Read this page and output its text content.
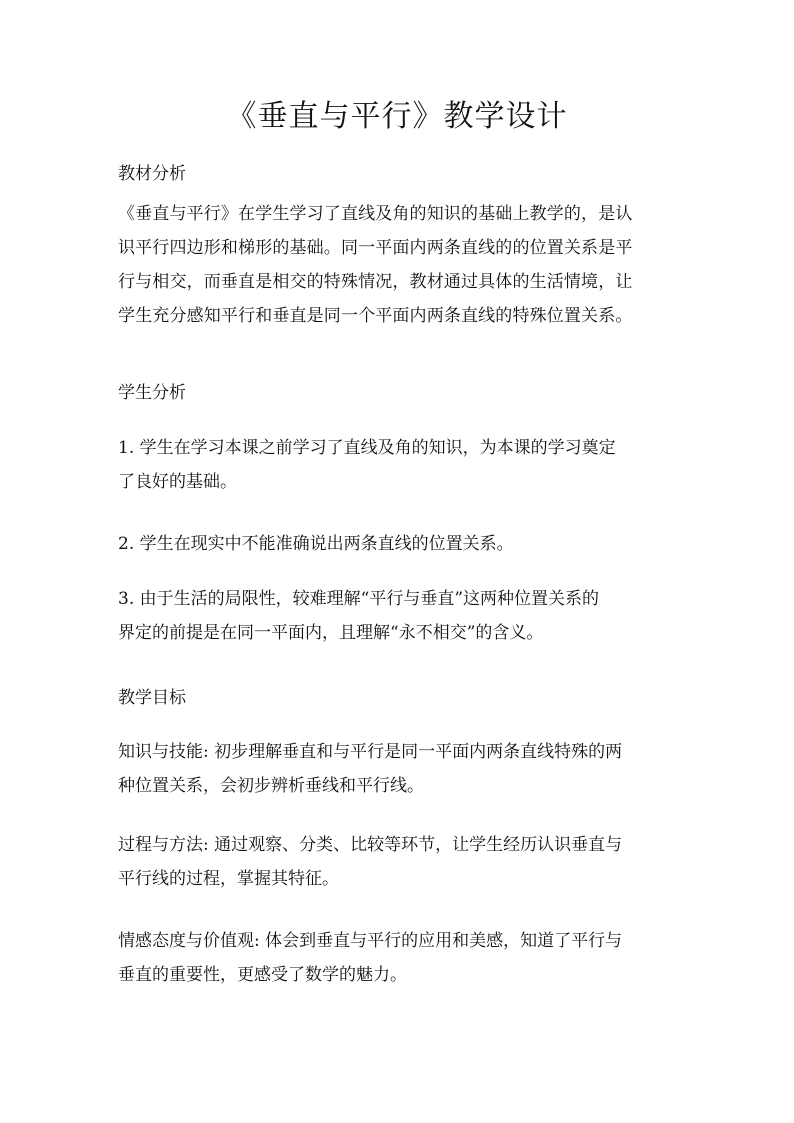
《垂直与平行》教学设计
教材分析
《垂直与平行》在学生学习了直线及角的知识的基础上教学的，是认
识平行四边形和梯形的基础。同一平面内两条直线的的位置关系是平
行与相交，而垂直是相交的特殊情况，教材通过具体的生活情境，让
学生充分感知平行和垂直是同一个平面内两条直线的特殊位置关系。
学生分析
1. 学生在学习本课之前学习了直线及角的知识，为本课的学习奠定
了良好的基础。
2. 学生在现实中不能准确说出两条直线的位置关系。
3. 由于生活的局限性，较难理解“平行与垂直”这两种位置关系的
界定的前提是在同一平面内，且理解“永不相交”的含义。
教学目标
知识与技能: 初步理解垂直和与平行是同一平面内两条直线特殊的两
种位置关系，会初步辨析垂线和平行线。
过程与方法: 通过观察、分类、比较等环节，让学生经历认识垂直与
平行线的过程，掌握其特征。
情感态度与价值观: 体会到垂直与平行的应用和美感，知道了平行与
垂直的重要性，更感受了数学的魅力。
